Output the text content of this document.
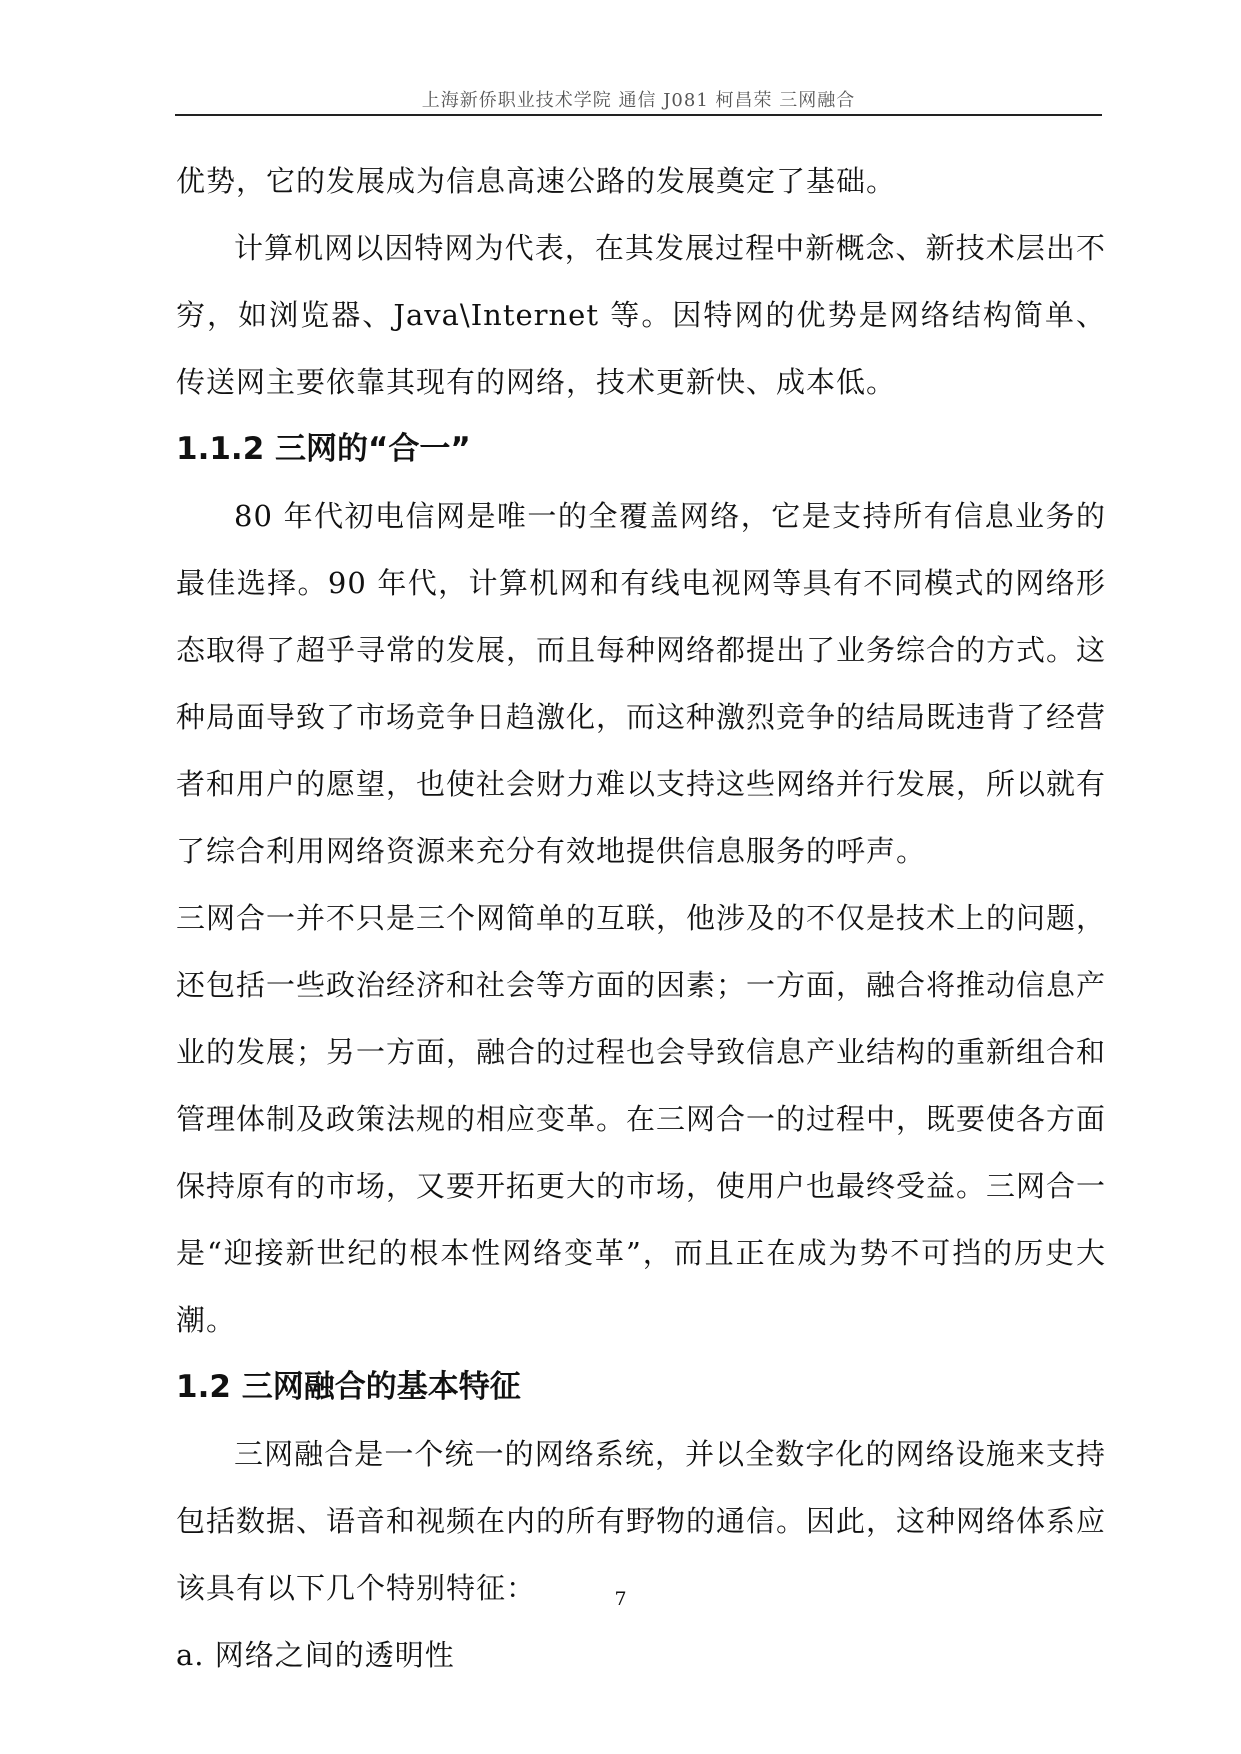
上海新侨职业技术学院 通信 J081 柯昌荣 三网融合

优势，它的发展成为信息高速公路的发展奠定了基础。

计算机网以因特网为代表，在其发展过程中新概念、新技术层出不穷，如浏览器、Java\Internet 等。因特网的优势是网络结构简单、传送网主要依靠其现有的网络，技术更新快、成本低。

1.1.2 三网的“合一”

80 年代初电信网是唯一的全覆盖网络，它是支持所有信息业务的最佳选择。90 年代，计算机网和有线电视网等具有不同模式的网络形态取得了超乎寻常的发展，而且每种网络都提出了业务综合的方式。这种局面导致了市场竞争日趋激化，而这种激烈竞争的结局既违背了经营者和用户的愿望，也使社会财力难以支持这些网络并行发展，所以就有了综合利用网络资源来充分有效地提供信息服务的呼声。

三网合一并不只是三个网简单的互联，他涉及的不仅是技术上的问题，还包括一些政治经济和社会等方面的因素；一方面，融合将推动信息产业的发展；另一方面，融合的过程也会导致信息产业结构的重新组合和管理体制及政策法规的相应变革。在三网合一的过程中，既要使各方面保持原有的市场，又要开拓更大的市场，使用户也最终受益。三网合一是“迎接新世纪的根本性网络变革”，而且正在成为势不可挡的历史大潮。

1.2 三网融合的基本特征

三网融合是一个统一的网络系统，并以全数字化的网络设施来支持包括数据、语音和视频在内的所有野物的通信。因此，这种网络体系应该具有以下几个特别特征：

a. 网络之间的透明性

7
